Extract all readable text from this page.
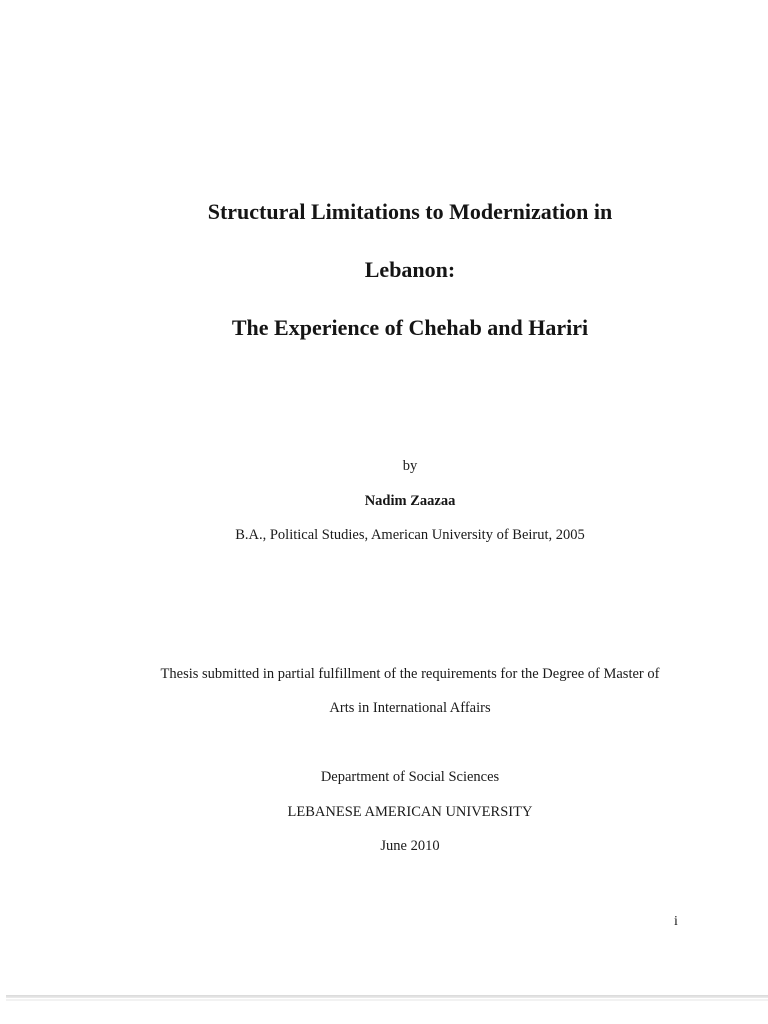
Structural Limitations to Modernization in
Lebanon:
The Experience of Chehab and Hariri
by
Nadim Zaazaa
B.A., Political Studies, American University of Beirut, 2005
Thesis submitted in partial fulfillment of the requirements for the Degree of Master of
Arts in International Affairs
Department of Social Sciences
LEBANESE AMERICAN UNIVERSITY
June 2010
i
